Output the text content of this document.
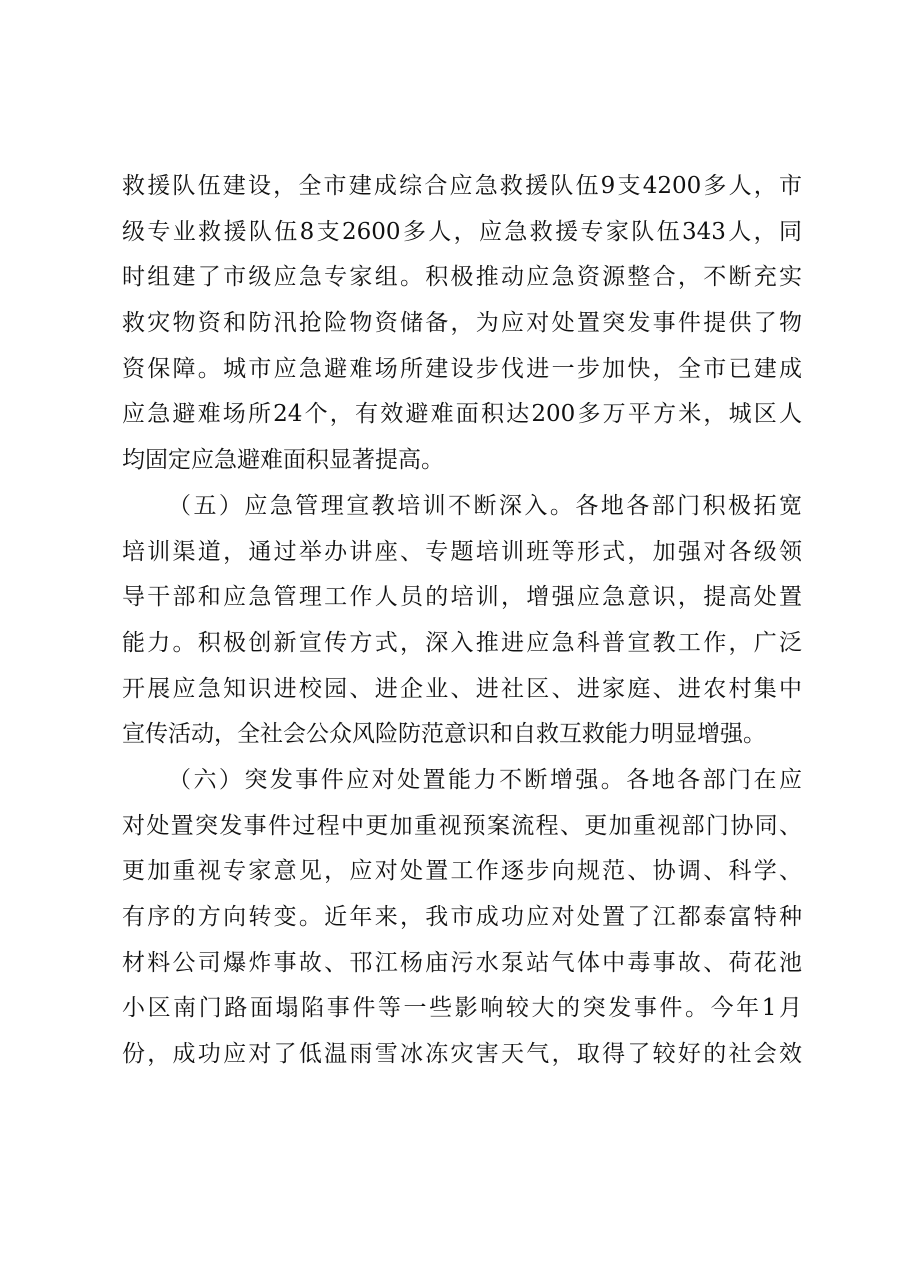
救援队伍建设，全市建成综合应急救援队伍9支4200多人，市
级专业救援队伍8支2600多人，应急救援专家队伍343人，同
时组建了市级应急专家组。积极推动应急资源整合，不断充实
救灾物资和防汛抢险物资储备，为应对处置突发事件提供了物
资保障。城市应急避难场所建设步伐进一步加快，全市已建成
应急避难场所24个，有效避难面积达200多万平方米，城区人
均固定应急避难面积显著提高。
（五）应急管理宣教培训不断深入。各地各部门积极拓宽
培训渠道，通过举办讲座、专题培训班等形式，加强对各级领
导干部和应急管理工作人员的培训，增强应急意识，提高处置
能力。积极创新宣传方式，深入推进应急科普宣教工作，广泛
开展应急知识进校园、进企业、进社区、进家庭、进农村集中
宣传活动，全社会公众风险防范意识和自救互救能力明显增强。
（六）突发事件应对处置能力不断增强。各地各部门在应
对处置突发事件过程中更加重视预案流程、更加重视部门协同、
更加重视专家意见，应对处置工作逐步向规范、协调、科学、
有序的方向转变。近年来，我市成功应对处置了江都泰富特种
材料公司爆炸事故、邗江杨庙污水泵站气体中毒事故、荷花池
小区南门路面塌陷事件等一些影响较大的突发事件。今年1月
份，成功应对了低温雨雪冰冻灾害天气，取得了较好的社会效
